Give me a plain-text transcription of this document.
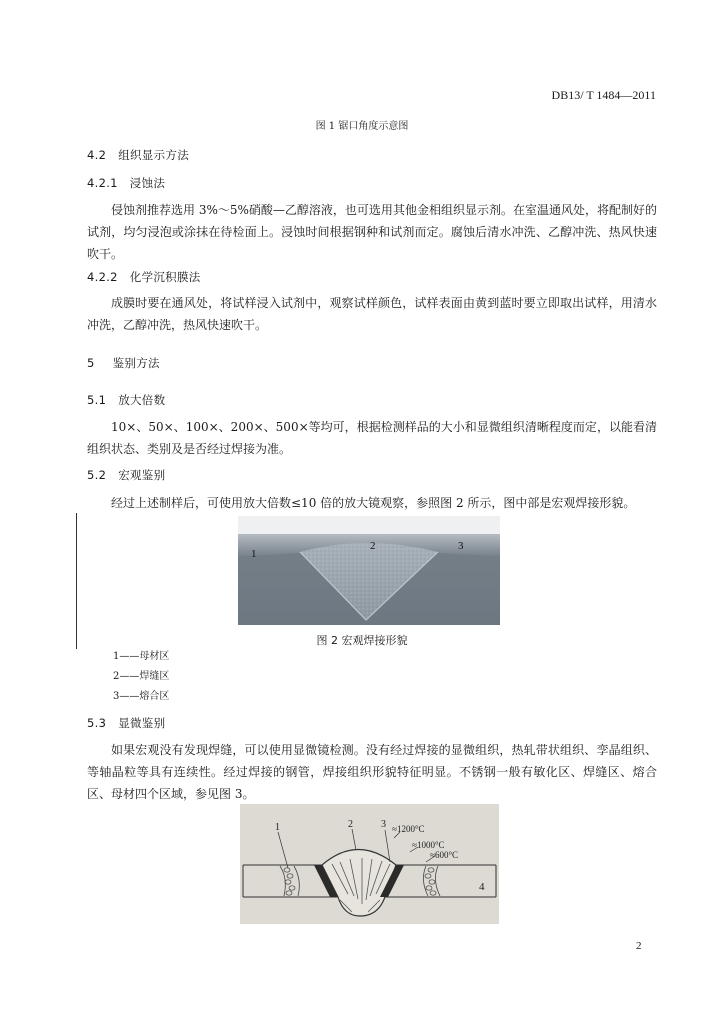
DB13/ T 1484—2011
图 1 锯口角度示意图
4.2 组织显示方法
4.2.1 浸蚀法
侵蚀剂推荐选用 3%～5%硝酸—乙醇溶液，也可选用其他金相组织显示剂。在室温通风处，将配制好的试剂，均匀浸泡或涂抹在待检面上。浸蚀时间根据钢种和试剂而定。腐蚀后清水冲洗、乙醇冲洗、热风快速吹干。
4.2.2 化学沉积膜法
成膜时要在通风处，将试样浸入试剂中，观察试样颜色，试样表面由黄到蓝时要立即取出试样，用清水冲洗，乙醇冲洗，热风快速吹干。
5 鉴别方法
5.1 放大倍数
10×、50×、100×、200×、500×等均可，根据检测样品的大小和显微组织清晰程度而定，以能看清组织状态、类别及是否经过焊接为准。
5.2 宏观鉴别
经过上述制样后，可使用放大倍数≤10 倍的放大镜观察，参照图 2 所示，图中部是宏观焊接形貌。
1
2	3
图 2 宏观焊接形貌
1——母材区
2——焊缝区
3——熔合区
5.3 显微鉴别
如果宏观没有发现焊缝，可以使用显微镜检测。没有经过焊接的显微组织，热轧带状组织、孪晶组织、等轴晶粒等具有连续性。经过焊接的钢管，焊接组织形貌特征明显。不锈钢一般有敏化区、焊缝区、熔合区、母材四个区域，参见图 3。
1	2	3 ≈1200°C
≈1000°C
≈600°C
4
2
